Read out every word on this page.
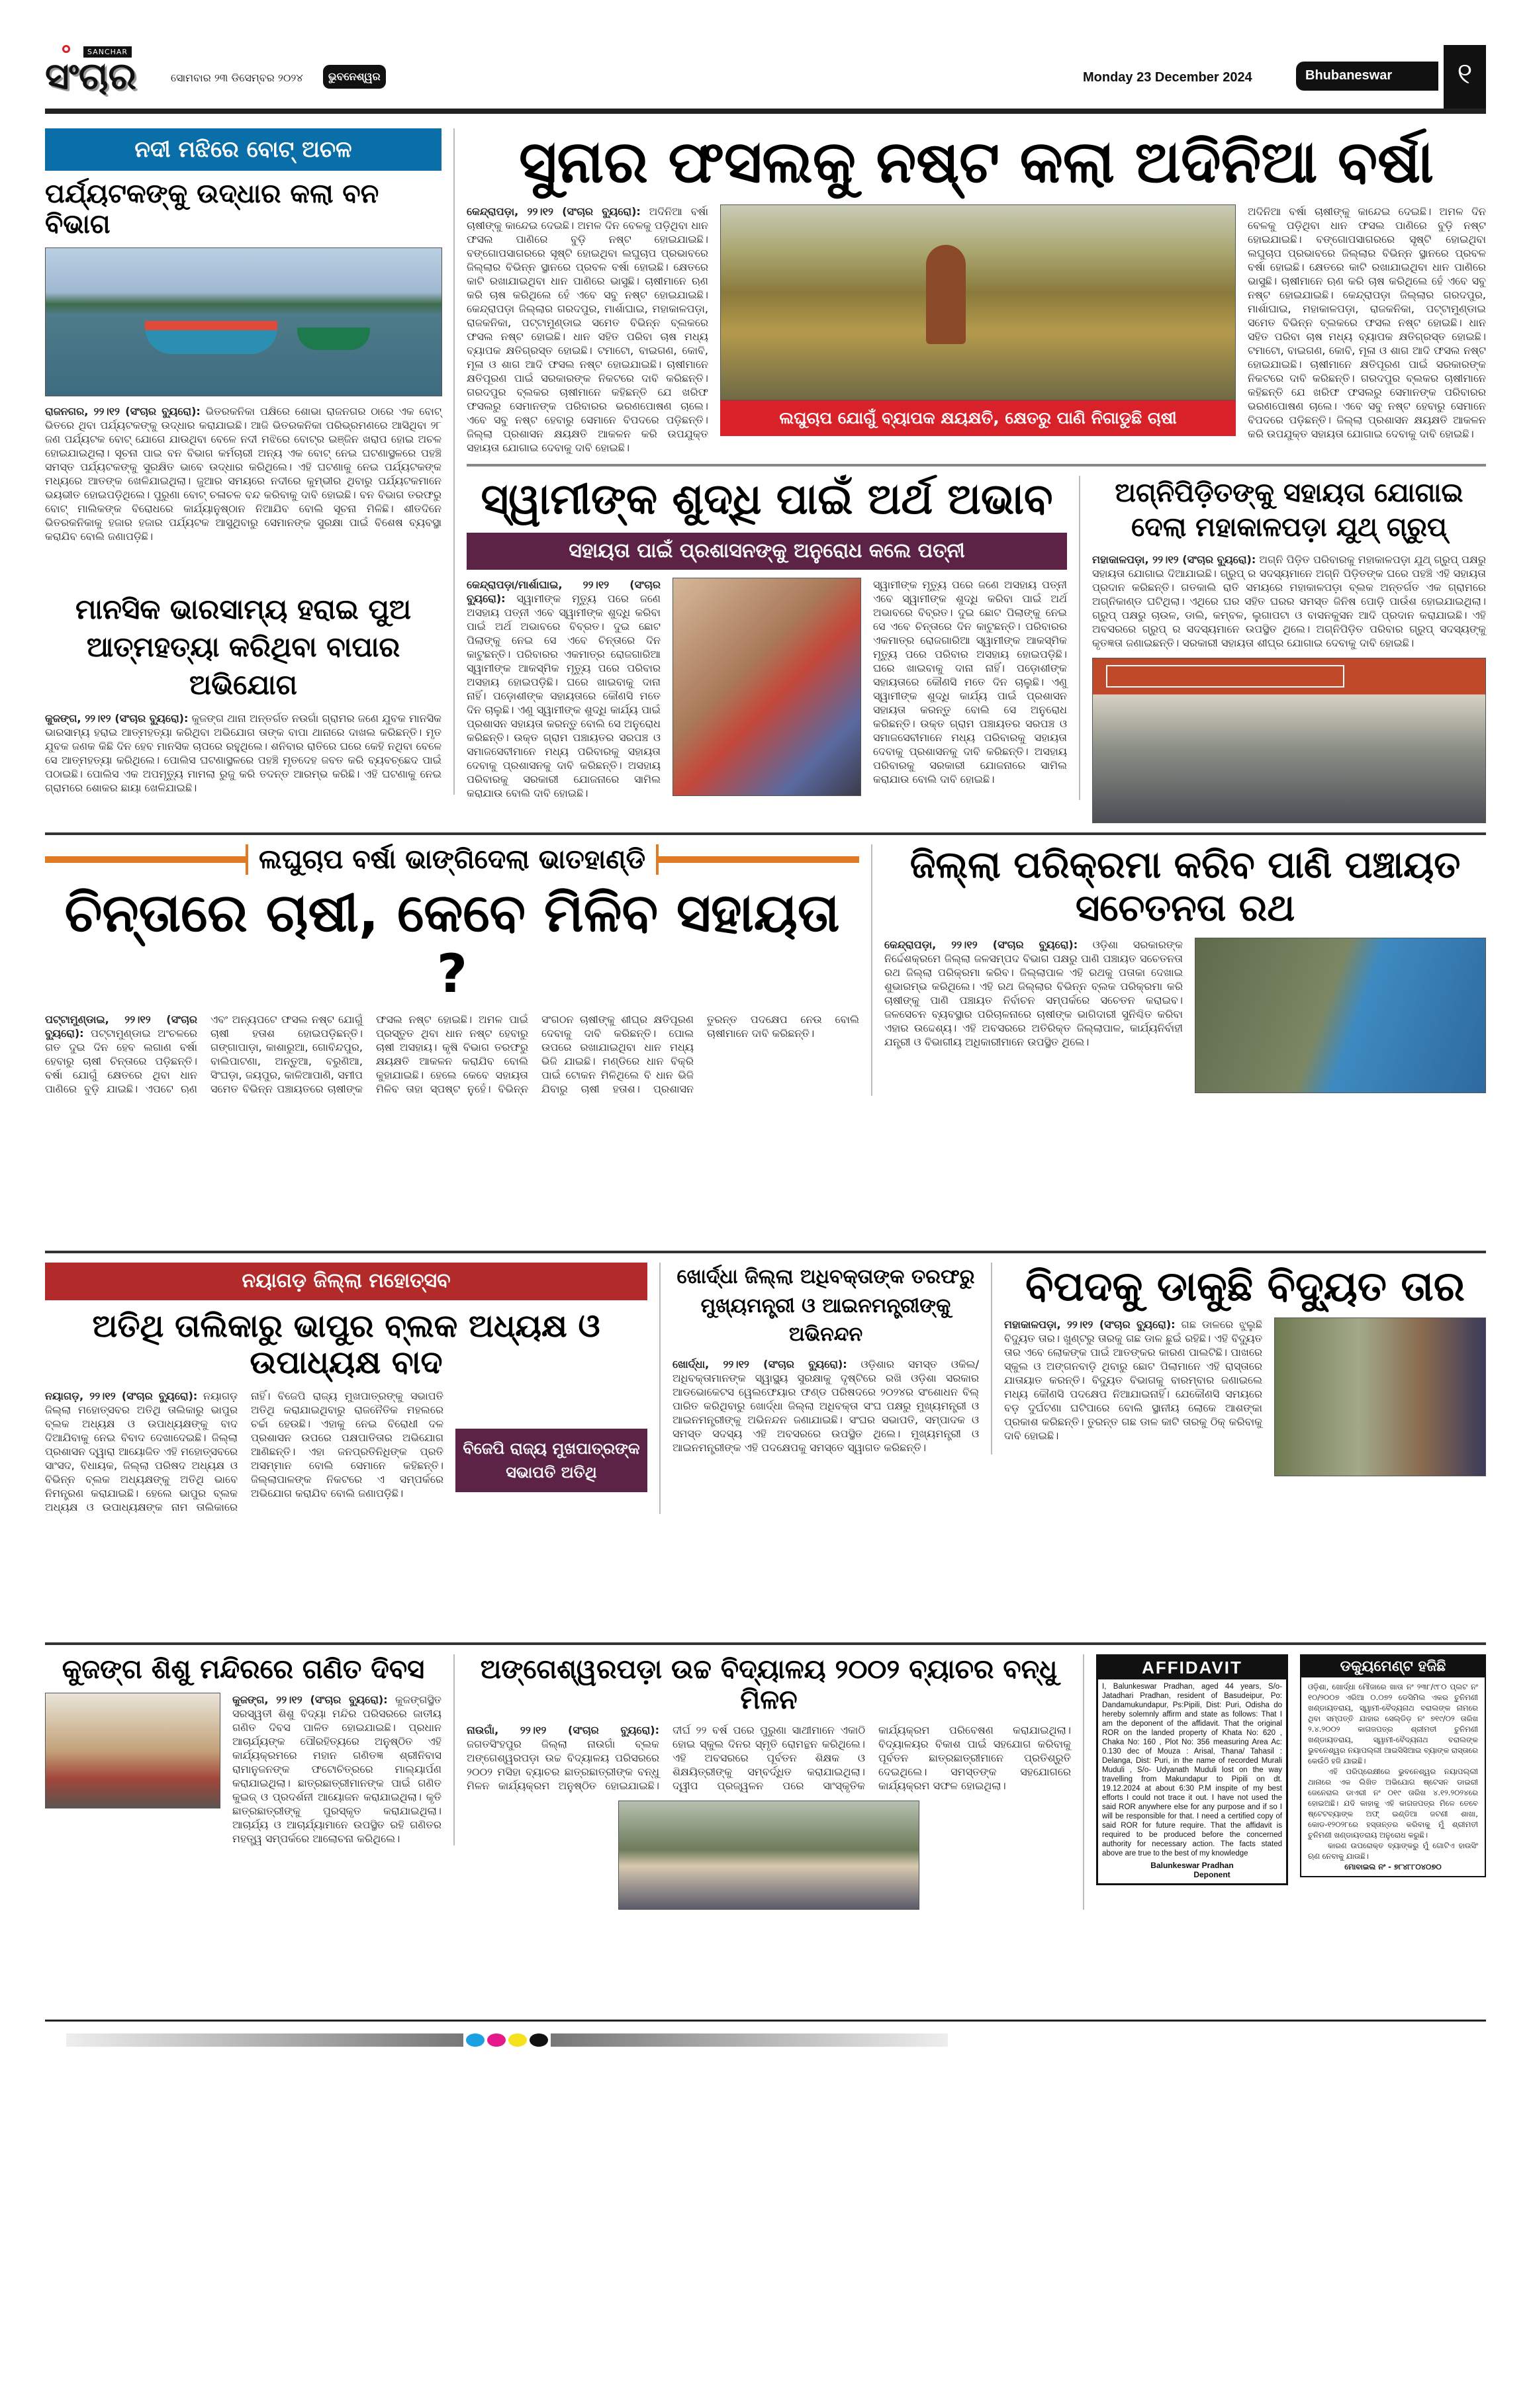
SANCHAR
ସଂଚାର	ସୋମବାର ୨୩ ଡିସେମ୍ବର ୨୦୨୪	ଭୁବନେଶ୍ୱର	Monday 23 December 2024	Bhubaneswar	୧
ନଦୀ ମଝିରେ ବୋଟ୍ ଅଚଳ
ପର୍ଯ୍ୟଟକଙ୍କୁ ଉଦ୍ଧାର କଲା ବନ ବିଭାଗ
ରାଜନଗର, ୨୨।୧୨ (ସଂଚାର ବ୍ୟୁରୋ): ଭିତରକନିକା ପକ୍ଷିରେ ଶୋଭା ରାଜନଗର ଠାରେ ଏକ ବୋଟ୍ ଭିତରେ ଥିବା ପର୍ଯ୍ୟଟକଙ୍କୁ ଉଦ୍ଧାର କରାଯାଇଛି। ଆଜି ଭିତରକନିକା ପରିଭ୍ରମଣରେ ଆସିଥିବା ୨୮ ଜଣ ପର୍ଯ୍ୟଟକ ବୋଟ୍ ଯୋଗେ ଯାଉଥିବା ବେଳେ ନଦୀ ମଝିରେ ବୋଟ୍ର ଇଞ୍ଜିନ ଖରାପ ହୋଇ ଅଚଳ ହୋଇଯାଇଥିଲା। ସୂଚନା ପାଇ ବନ ବିଭାଗ କର୍ମଚାରୀ ଅନ୍ୟ ଏକ ବୋଟ୍ ନେଇ ଘଟଣାସ୍ଥଳରେ ପହଞ୍ଚି ସମସ୍ତ ପର୍ଯ୍ୟଟକଙ୍କୁ ସୁରକ୍ଷିତ ଭାବେ ଉଦ୍ଧାର କରିଥିଲେ। ଏହି ଘଟଣାକୁ ନେଇ ପର୍ଯ୍ୟଟକଙ୍କ ମଧ୍ୟରେ ଆତଙ୍କ ଖେଳିଯାଇଥିଲା। ଜୁଆର ସମୟରେ ନଦୀରେ କୁମ୍ଭୀର ଥିବାରୁ ପର୍ଯ୍ୟଟକମାନେ ଭୟଭୀତ ହୋଇପଡ଼ିଥିଲେ। ପୁରୁଣା ବୋଟ୍ ଚଳାଚଳ ବନ୍ଦ କରିବାକୁ ଦାବି ହୋଇଛି। ବନ ବିଭାଗ ତରଫରୁ ବୋଟ୍ ମାଲିକଙ୍କ ବିରୋଧରେ କାର୍ଯ୍ୟାନୁଷ୍ଠାନ ନିଆଯିବ ବୋଲି ସୂଚନା ମିଳିଛି। ଶୀତଦିନେ ଭିତରକନିକାକୁ ହଜାର ହଜାର ପର୍ଯ୍ୟଟକ ଆସୁଥିବାରୁ ସେମାନଙ୍କ ସୁରକ୍ଷା ପାଇଁ ବିଶେଷ ବ୍ୟବସ୍ଥା କରାଯିବ ବୋଲି ଜଣାପଡ଼ିଛି।
ମାନସିକ ଭାରସାମ୍ୟ ହରାଇ ପୁଅ ଆତ୍ମହତ୍ୟା କରିଥିବା ବାପାର ଅଭିଯୋଗ
କୁଜଙ୍ଗ, ୨୨।୧୨ (ସଂଚାର ବ୍ୟୁରୋ): କୁଜଙ୍ଗ ଥାନା ଅନ୍ତର୍ଗତ ନଉଗାଁ ଗ୍ରାମର ଜଣେ ଯୁବକ ମାନସିକ ଭାରସାମ୍ୟ ହରାଇ ଆତ୍ମହତ୍ୟା କରିଥିବା ଅଭିଯୋଗ ତାଙ୍କ ବାପା ଥାନାରେ ଦାଖଲ କରିଛନ୍ତି। ମୃତ ଯୁବକ ଜଣକ କିଛି ଦିନ ହେବ ମାନସିକ ଚାପରେ ରହୁଥିଲେ। ଶନିବାର ରାତିରେ ଘରେ କେହି ନଥିବା ବେଳେ ସେ ଆତ୍ମହତ୍ୟା କରିଥିଲେ। ପୋଲିସ ଘଟଣାସ୍ଥଳରେ ପହଞ୍ଚି ମୃତଦେହ ଜବତ କରି ବ୍ୟବଚ୍ଛେଦ ପାଇଁ ପଠାଇଛି। ପୋଲିସ ଏକ ଅପମୃତ୍ୟୁ ମାମଲା ରୁଜୁ କରି ତଦନ୍ତ ଆରମ୍ଭ କରିଛି। ଏହି ଘଟଣାକୁ ନେଇ ଗ୍ରାମରେ ଶୋକର ଛାୟା ଖେଳିଯାଇଛି।
ସୁନାର ଫସଲକୁ ନଷ୍ଟ କଲା ଅଦିନିଆ ବର୍ଷା
କେନ୍ଦ୍ରାପଡ଼ା, ୨୨।୧୨ (ସଂଚାର ବ୍ୟୁରୋ): ଅଦିନିଆ ବର୍ଷା ଚାଷୀଙ୍କୁ କାନ୍ଦେଇ ଦେଇଛି। ଅମଳ ଦିନ ବେଳକୁ ପଡ଼ିଥିବା ଧାନ ଫସଲ ପାଣିରେ ବୁଡ଼ି ନଷ୍ଟ ହୋଇଯାଇଛି। ବଙ୍ଗୋପସାଗରରେ ସୃଷ୍ଟି ହୋଇଥିବା ଲଘୁଚାପ ପ୍ରଭାବରେ ଜିଲ୍ଲାର ବିଭିନ୍ନ ସ୍ଥାନରେ ପ୍ରବଳ ବର୍ଷା ହୋଇଛି। କ୍ଷେତରେ କାଟି ରଖାଯାଇଥିବା ଧାନ ପାଣିରେ ଭାସୁଛି। ଚାଷୀମାନେ ଋଣ କରି ଚାଷ କରିଥିଲେ ହେଁ ଏବେ ସବୁ ନଷ୍ଟ ହୋଇଯାଇଛି। କେନ୍ଦ୍ରାପଡ଼ା ଜିଲ୍ଲାର ଗରଦପୁର, ମାର୍ଶାଘାଇ, ମହାକାଳପଡ଼ା, ରାଜକନିକା, ପଟ୍ଟାମୁଣ୍ଡାଇ ସମେତ ବିଭିନ୍ନ ବ୍ଲକରେ ଫସଲ ନଷ୍ଟ ହୋଇଛି। ଧାନ ସହିତ ପରିବା ଚାଷ ମଧ୍ୟ ବ୍ୟାପକ କ୍ଷତିଗ୍ରସ୍ତ ହୋଇଛି। ଟମାଟୋ, ବାଇଗଣ, କୋବି, ମୂଳା ଓ ଶାଗ ଆଦି ଫସଲ ନଷ୍ଟ ହୋଇଯାଇଛି। ଚାଷୀମାନେ କ୍ଷତିପୂରଣ ପାଇଁ ସରକାରଙ୍କ ନିକଟରେ ଦାବି କରିଛନ୍ତି। ଗରଦପୁର ବ୍ଲକର ଚାଷୀମାନେ କହିଛନ୍ତି ଯେ ଖରିଫ ଫସଲରୁ ସେମାନଙ୍କ ପରିବାରର ଭରଣପୋଷଣ ଚାଲେ। ଏବେ ସବୁ ନଷ୍ଟ ହେବାରୁ ସେମାନେ ବିପଦରେ ପଡ଼ିଛନ୍ତି। ଜିଲ୍ଲା ପ୍ରଶାସନ କ୍ଷୟକ୍ଷତି ଆକଳନ କରି ଉପଯୁକ୍ତ ସହାୟତା ଯୋଗାଇ ଦେବାକୁ ଦାବି ହୋଇଛି।
ଲଘୁଚାପ ଯୋଗୁଁ ବ୍ୟାପକ କ୍ଷୟକ୍ଷତି, କ୍ଷେତରୁ ପାଣି ନିଗାଡୁଛି ଚାଷୀ
ଅଦିନିଆ ବର୍ଷା ଚାଷୀଙ୍କୁ କାନ୍ଦେଇ ଦେଇଛି। ଅମଳ ଦିନ ବେଳକୁ ପଡ଼ିଥିବା ଧାନ ଫସଲ ପାଣିରେ ବୁଡ଼ି ନଷ୍ଟ ହୋଇଯାଇଛି। ବଙ୍ଗୋପସାଗରରେ ସୃଷ୍ଟି ହୋଇଥିବା ଲଘୁଚାପ ପ୍ରଭାବରେ ଜିଲ୍ଲାର ବିଭିନ୍ନ ସ୍ଥାନରେ ପ୍ରବଳ ବର୍ଷା ହୋଇଛି। କ୍ଷେତରେ କାଟି ରଖାଯାଇଥିବା ଧାନ ପାଣିରେ ଭାସୁଛି। ଚାଷୀମାନେ ଋଣ କରି ଚାଷ କରିଥିଲେ ହେଁ ଏବେ ସବୁ ନଷ୍ଟ ହୋଇଯାଇଛି। କେନ୍ଦ୍ରାପଡ଼ା ଜିଲ୍ଲାର ଗରଦପୁର, ମାର୍ଶାଘାଇ, ମହାକାଳପଡ଼ା, ରାଜକନିକା, ପଟ୍ଟାମୁଣ୍ଡାଇ ସମେତ ବିଭିନ୍ନ ବ୍ଲକରେ ଫସଲ ନଷ୍ଟ ହୋଇଛି। ଧାନ ସହିତ ପରିବା ଚାଷ ମଧ୍ୟ ବ୍ୟାପକ କ୍ଷତିଗ୍ରସ୍ତ ହୋଇଛି। ଟମାଟୋ, ବାଇଗଣ, କୋବି, ମୂଳା ଓ ଶାଗ ଆଦି ଫସଲ ନଷ୍ଟ ହୋଇଯାଇଛି। ଚାଷୀମାନେ କ୍ଷତିପୂରଣ ପାଇଁ ସରକାରଙ୍କ ନିକଟରେ ଦାବି କରିଛନ୍ତି। ଗରଦପୁର ବ୍ଲକର ଚାଷୀମାନେ କହିଛନ୍ତି ଯେ ଖରିଫ ଫସଲରୁ ସେମାନଙ୍କ ପରିବାରର ଭରଣପୋଷଣ ଚାଲେ। ଏବେ ସବୁ ନଷ୍ଟ ହେବାରୁ ସେମାନେ ବିପଦରେ ପଡ଼ିଛନ୍ତି। ଜିଲ୍ଲା ପ୍ରଶାସନ କ୍ଷୟକ୍ଷତି ଆକଳନ କରି ଉପଯୁକ୍ତ ସହାୟତା ଯୋଗାଇ ଦେବାକୁ ଦାବି ହୋଇଛି।
ସ୍ୱାମୀଙ୍କ ଶୁଦ୍ଧି ପାଇଁ ଅର୍ଥ ଅଭାବ
ସହାୟତା ପାଇଁ ପ୍ରଶାସନଙ୍କୁ ଅନୁରୋଧ କଲେ ପତ୍ନୀ
କେନ୍ଦ୍ରାପଡ଼ା/ମାର୍ଶାଘାଇ, ୨୨।୧୨ (ସଂଚାର ବ୍ୟୁରୋ): ସ୍ୱାମୀଙ୍କ ମୃତ୍ୟୁ ପରେ ଜଣେ ଅସହାୟ ପତ୍ନୀ ଏବେ ସ୍ୱାମୀଙ୍କ ଶୁଦ୍ଧି କରିବା ପାଇଁ ଅର୍ଥ ଅଭାବରେ ବିବ୍ରତ। ଦୁଇ ଛୋଟ ପିଲାଙ୍କୁ ନେଇ ସେ ଏବେ ଚିନ୍ତାରେ ଦିନ କାଟୁଛନ୍ତି। ପରିବାରର ଏକମାତ୍ର ରୋଜଗାରିଆ ସ୍ୱାମୀଙ୍କ ଆକସ୍ମିକ ମୃତ୍ୟୁ ପରେ ପରିବାର ଅସହାୟ ହୋଇପଡ଼ିଛି। ଘରେ ଖାଇବାକୁ ଦାନା ନାହିଁ। ପଡ଼ୋଶୀଙ୍କ ସହାୟତାରେ କୌଣସି ମତେ ଦିନ ଚାଲୁଛି। ଏଣୁ ସ୍ୱାମୀଙ୍କ ଶୁଦ୍ଧି କାର୍ଯ୍ୟ ପାଇଁ ପ୍ରଶାସନ ସହାୟତା କରନ୍ତୁ ବୋଲି ସେ ଅନୁରୋଧ କରିଛନ୍ତି। ଉକ୍ତ ଗ୍ରାମ ପଞ୍ଚାୟତର ସରପଞ୍ଚ ଓ ସମାଜସେବୀମାନେ ମଧ୍ୟ ପରିବାରକୁ ସହାୟତା ଦେବାକୁ ପ୍ରଶାସନକୁ ଦାବି କରିଛନ୍ତି। ଅସହାୟ ପରିବାରକୁ ସରକାରୀ ଯୋଜନାରେ ସାମିଲ କରାଯାଉ ବୋଲି ଦାବି ହୋଇଛି।
ସ୍ୱାମୀଙ୍କ ମୃତ୍ୟୁ ପରେ ଜଣେ ଅସହାୟ ପତ୍ନୀ ଏବେ ସ୍ୱାମୀଙ୍କ ଶୁଦ୍ଧି କରିବା ପାଇଁ ଅର୍ଥ ଅଭାବରେ ବିବ୍ରତ। ଦୁଇ ଛୋଟ ପିଲାଙ୍କୁ ନେଇ ସେ ଏବେ ଚିନ୍ତାରେ ଦିନ କାଟୁଛନ୍ତି। ପରିବାରର ଏକମାତ୍ର ରୋଜଗାରିଆ ସ୍ୱାମୀଙ୍କ ଆକସ୍ମିକ ମୃତ୍ୟୁ ପରେ ପରିବାର ଅସହାୟ ହୋଇପଡ଼ିଛି। ଘରେ ଖାଇବାକୁ ଦାନା ନାହିଁ। ପଡ଼ୋଶୀଙ୍କ ସହାୟତାରେ କୌଣସି ମତେ ଦିନ ଚାଲୁଛି। ଏଣୁ ସ୍ୱାମୀଙ୍କ ଶୁଦ୍ଧି କାର୍ଯ୍ୟ ପାଇଁ ପ୍ରଶାସନ ସହାୟତା କରନ୍ତୁ ବୋଲି ସେ ଅନୁରୋଧ କରିଛନ୍ତି। ଉକ୍ତ ଗ୍ରାମ ପଞ୍ଚାୟତର ସରପଞ୍ଚ ଓ ସମାଜସେବୀମାନେ ମଧ୍ୟ ପରିବାରକୁ ସହାୟତା ଦେବାକୁ ପ୍ରଶାସନକୁ ଦାବି କରିଛନ୍ତି। ଅସହାୟ ପରିବାରକୁ ସରକାରୀ ଯୋଜନାରେ ସାମିଲ କରାଯାଉ ବୋଲି ଦାବି ହୋଇଛି।
ଅଗ୍ନିପିଡ଼ିତଙ୍କୁ ସହାୟତା ଯୋଗାଇ ଦେଲା ମହାକାଳପଡ଼ା ଯୁଥ୍ ଗ୍ରୁପ୍
ମହାକାଳପଡ଼ା, ୨୨।୧୨ (ସଂଚାର ବ୍ୟୁରୋ): ଅଗ୍ନି ପିଡ଼ିତ ପରିବାରକୁ ମହାକାଳପଡ଼ା ଯୁଥ୍ ଗ୍ରୁପ୍ ପକ୍ଷରୁ ସହାୟତା ଯୋଗାଇ ଦିଆଯାଇଛି। ଗ୍ରୁପ୍ ର ସଦସ୍ୟମାନେ ଅଗ୍ନି ପିଡ଼ିତଙ୍କ ଘରେ ପହଞ୍ଚି ଏହି ସହାୟତା ପ୍ରଦାନ କରିଛନ୍ତି। ଗତକାଲି ରାତି ସମୟରେ ମହାକାଳପଡ଼ା ବ୍ଲକ ଅନ୍ତର୍ଗତ ଏକ ଗ୍ରାମରେ ଅଗ୍ନିକାଣ୍ଡ ଘଟିଥିଲା। ଏଥିରେ ଘର ସହିତ ଘରର ସମସ୍ତ ଜିନିଷ ପୋଡ଼ି ପାଉଁଶ ହୋଇଯାଇଥିଲା। ଗ୍ରୁପ୍ ପକ୍ଷରୁ ଚାଉଳ, ଡାଲି, କମ୍ବଳ, ଲୁଗାପଟା ଓ ବାସନକୁସନ ଆଦି ପ୍ରଦାନ କରାଯାଇଛି। ଏହି ଅବସରରେ ଗ୍ରୁପ୍ ର ସଦସ୍ୟମାନେ ଉପସ୍ଥିତ ଥିଲେ। ଅଗ୍ନିପିଡ଼ିତ ପରିବାର ଗ୍ରୁପ୍ ସଦସ୍ୟଙ୍କୁ କୃତଜ୍ଞତା ଜଣାଇଛନ୍ତି। ସରକାରୀ ସହାୟତା ଶୀଘ୍ର ଯୋଗାଇ ଦେବାକୁ ଦାବି ହୋଇଛି।
ଲଘୁଚାପ ବର୍ଷା ଭାଙ୍ଗିଦେଲା ଭାତହାଣ୍ଡି
ଚିନ୍ତାରେ ଚାଷୀ, କେବେ ମିଳିବ ସହାୟତା ?
ପଟ୍ଟାମୁଣ୍ଡାଇ, ୨୨।୧୨ (ସଂଚାର ବ୍ୟୁରୋ): ପଟ୍ଟାମୁଣ୍ଡାଇ ଅଂଚଳରେ ଗତ ଦୁଇ ଦିନ ହେବ ଲଗାଣ ବର୍ଷା ହେବାରୁ ଚାଷୀ ଚିନ୍ତାରେ ପଡ଼ିଛନ୍ତି। ବର୍ଷା ଯୋଗୁଁ କ୍ଷେତରେ ଥିବା ଧାନ ପାଣିରେ ବୁଡ଼ି ଯାଇଛି। ଏପଟେ ଋଣ ଏବଂ ଅନ୍ୟପଟେ ଫସଲ ନଷ୍ଟ ଯୋଗୁଁ ଚାଷୀ ହତାଶ ହୋଇପଡ଼ିଛନ୍ତି। ଗଙ୍ଗାପାଡ଼ା, କାଶାରୁଆ, ଗୋବିନ୍ଦପୁର, ବାଲିପାଟଣା, ଅନ୍ତୁଆ, ବରୁଣିଆ, ସିଂଘଡ଼ା, ଜୟପୁର, କାଳିଆପାଣି, ସମୀପ ସମେତ ବିଭିନ୍ନ ପଞ୍ଚାୟତରେ ଚାଷୀଙ୍କ ଫସଲ ନଷ୍ଟ ହୋଇଛି। ଅମଳ ପାଇଁ ପ୍ରସ୍ତୁତ ଥିବା ଧାନ ନଷ୍ଟ ହେବାରୁ ଚାଷୀ ଅସହାୟ। କୃଷି ବିଭାଗ ତରଫରୁ କ୍ଷୟକ୍ଷତି ଆକଳନ କରାଯିବ ବୋଲି କୁହାଯାଇଛି। ହେଲେ କେବେ ସହାୟତା ମିଳିବ ତାହା ସ୍ପଷ୍ଟ ନୁହେଁ। ବିଭିନ୍ନ ସଂଗଠନ ଚାଷୀଙ୍କୁ ଶୀଘ୍ର କ୍ଷତିପୂରଣ ଦେବାକୁ ଦାବି କରିଛନ୍ତି। ପୋଲ ଉପରେ ରଖାଯାଇଥିବା ଧାନ ମଧ୍ୟ ଭିଜି ଯାଇଛି। ମଣ୍ଡିରେ ଧାନ ବିକ୍ରି ପାଇଁ ଟୋକନ ମିଳିଥିଲେ ବି ଧାନ ଭିଜି ଯିବାରୁ ଚାଷୀ ହତାଶ। ପ୍ରଶାସନ ତୁରନ୍ତ ପଦକ୍ଷେପ ନେଉ ବୋଲି ଚାଷୀମାନେ ଦାବି କରିଛନ୍ତି।
ଜିଲ୍ଲା ପରିକ୍ରମା କରିବ ପାଣି ପଞ୍ଚାୟତ ସଚେତନତା ରଥ
କେନ୍ଦ୍ରାପଡ଼ା, ୨୨।୧୨ (ସଂଚାର ବ୍ୟୁରୋ): ଓଡ଼ିଶା ସରକାରଙ୍କ ନିର୍ଦ୍ଦେଶକ୍ରମେ ଜିଲ୍ଲା ଜଳସମ୍ପଦ ବିଭାଗ ପକ୍ଷରୁ ପାଣି ପଞ୍ଚାୟତ ସଚେତନତା ରଥ ଜିଲ୍ଲା ପରିକ୍ରମା କରିବ। ଜିଲ୍ଲାପାଳ ଏହି ରଥକୁ ପତାକା ଦେଖାଇ ଶୁଭାରମ୍ଭ କରିଥିଲେ। ଏହି ରଥ ଜିଲ୍ଲାର ବିଭିନ୍ନ ବ୍ଲକ ପରିକ୍ରମା କରି ଚାଷୀଙ୍କୁ ପାଣି ପଞ୍ଚାୟତ ନିର୍ବାଚନ ସମ୍ପର୍କରେ ସଚେତନ କରାଇବ। ଜଳସେଚନ ବ୍ୟବସ୍ଥାର ପରିଚାଳନାରେ ଚାଷୀଙ୍କ ଭାଗିଦାରୀ ସୁନିଶ୍ଚିତ କରିବା ଏହାର ଉଦ୍ଦେଶ୍ୟ। ଏହି ଅବସରରେ ଅତିରିକ୍ତ ଜିଲ୍ଲାପାଳ, କାର୍ଯ୍ୟନିର୍ବାହୀ ଯନ୍ତ୍ରୀ ଓ ବିଭାଗୀୟ ଅଧିକାରୀମାନେ ଉପସ୍ଥିତ ଥିଲେ।
ନୟାଗଡ଼ ଜିଲ୍ଲା ମହୋତ୍ସବ
ଅତିଥି ତାଲିକାରୁ ଭାପୁର ବ୍ଲକ ଅଧ୍ୟକ୍ଷ ଓ ଉପାଧ୍ୟକ୍ଷ ବାଦ
ନୟାଗଡ଼, ୨୨।୧୨ (ସଂଚାର ବ୍ୟୁରୋ): ନୟାଗଡ଼ ଜିଲ୍ଲା ମହୋତ୍ସବର ଅତିଥି ତାଲିକାରୁ ଭାପୁର ବ୍ଲକ ଅଧ୍ୟକ୍ଷ ଓ ଉପାଧ୍ୟକ୍ଷଙ୍କୁ ବାଦ ଦିଆଯିବାକୁ ନେଇ ବିବାଦ ଦେଖାଦେଇଛି। ଜିଲ୍ଲା ପ୍ରଶାସନ ଦ୍ୱାରା ଆୟୋଜିତ ଏହି ମହୋତ୍ସବରେ ସାଂସଦ, ବିଧାୟକ, ଜିଲ୍ଲା ପରିଷଦ ଅଧ୍ୟକ୍ଷ ଓ ବିଭିନ୍ନ ବ୍ଲକ ଅଧ୍ୟକ୍ଷଙ୍କୁ ଅତିଥି ଭାବେ ନିମନ୍ତ୍ରଣ କରାଯାଇଛି। ହେଲେ ଭାପୁର ବ୍ଲକ ଅଧ୍ୟକ୍ଷ ଓ ଉପାଧ୍ୟକ୍ଷଙ୍କ ନାମ ତାଲିକାରେ ନାହିଁ। ବିଜେପି ରାଜ୍ୟ ମୁଖପାତ୍ରଙ୍କୁ ସଭାପତି ଅତିଥି କରାଯାଇଥିବାରୁ ରାଜନୈତିକ ମହଲରେ ଚର୍ଚ୍ଚା ହେଉଛି। ଏହାକୁ ନେଇ ବିରୋଧୀ ଦଳ ପ୍ରଶାସନ ଉପରେ ପକ୍ଷପାତିତାର ଅଭିଯୋଗ ଆଣିଛନ୍ତି। ଏହା ଜନପ୍ରତିନିଧିଙ୍କ ପ୍ରତି ଅସମ୍ମାନ ବୋଲି ସେମାନେ କହିଛନ୍ତି। ଜିଲ୍ଲାପାଳଙ୍କ ନିକଟରେ ଏ ସମ୍ପର୍କରେ ଅଭିଯୋଗ କରାଯିବ ବୋଲି ଜଣାପଡ଼ିଛି।
ବିଜେପି ରାଜ୍ୟ ମୁଖପାତ୍ରଙ୍କ ସଭାପତି ଅତିଥି
ଖୋର୍ଦ୍ଧା ଜିଲ୍ଲା ଅଧିବକ୍ତାଙ୍କ ତରଫରୁ ମୁଖ୍ୟମନ୍ତ୍ରୀ ଓ ଆଇନମନ୍ତ୍ରୀଙ୍କୁ ଅଭିନନ୍ଦନ
ଖୋର୍ଦ୍ଧା, ୨୨।୧୨ (ସଂଚାର ବ୍ୟୁରୋ): ଓଡ଼ିଶାର ସମସ୍ତ ଓକିଲ/ଅଧିବକ୍ତାମାନଙ୍କ ସ୍ୱାସ୍ଥ୍ୟ ସୁରକ୍ଷାକୁ ଦୃଷ୍ଟିରେ ରଖି ଓଡ଼ିଶା ସରକାର ଆଡଭୋକେଟସ ୱେଲଫେୟାର ଫଣ୍ଡ ପରିଷଦରେ ୨୦୨୪ର ସଂଶୋଧନ ବିଲ୍ ପାରିତ କରିଥିବାରୁ ଖୋର୍ଦ୍ଧା ଜିଲ୍ଲା ଅଧିବକ୍ତା ସଂଘ ପକ୍ଷରୁ ମୁଖ୍ୟମନ୍ତ୍ରୀ ଓ ଆଇନମନ୍ତ୍ରୀଙ୍କୁ ଅଭିନନ୍ଦନ ଜଣାଯାଇଛି। ସଂଘର ସଭାପତି, ସମ୍ପାଦକ ଓ ସମସ୍ତ ସଦସ୍ୟ ଏହି ଅବସରରେ ଉପସ୍ଥିତ ଥିଲେ। ମୁଖ୍ୟମନ୍ତ୍ରୀ ଓ ଆଇନମନ୍ତ୍ରୀଙ୍କ ଏହି ପଦକ୍ଷେପକୁ ସମସ୍ତେ ସ୍ୱାଗତ କରିଛନ୍ତି।
ବିପଦକୁ ଡାକୁଛି ବିଦ୍ୟୁତ ତାର
ମହାକାଳପଡ଼ା, ୨୨।୧୨ (ସଂଚାର ବ୍ୟୁରୋ): ଗଛ ଡାଳରେ ଝୁଲୁଛି ବିଦ୍ୟୁତ ତାର। ଖୁଣ୍ଟରୁ ତାରକୁ ଗଛ ଡାଳ ଛୁଇଁ ରହିଛି। ଏହି ବିଦ୍ୟୁତ ତାର ଏବେ ଲୋକଙ୍କ ପାଇଁ ଆତଙ୍କର କାରଣ ପାଲଟିଛି। ପାଖରେ ସ୍କୁଲ ଓ ଅଙ୍ଗନବାଡ଼ି ଥିବାରୁ ଛୋଟ ପିଲାମାନେ ଏହି ରାସ୍ତାରେ ଯାତାୟାତ କରନ୍ତି। ବିଦ୍ୟୁତ ବିଭାଗକୁ ବାରମ୍ବାର ଜଣାଇଲେ ମଧ୍ୟ କୌଣସି ପଦକ୍ଷେପ ନିଆଯାଇନାହିଁ। ଯେକୌଣସି ସମୟରେ ବଡ଼ ଦୁର୍ଘଟଣା ଘଟିପାରେ ବୋଲି ସ୍ଥାନୀୟ ଲୋକେ ଆଶଙ୍କା ପ୍ରକାଶ କରିଛନ୍ତି। ତୁରନ୍ତ ଗଛ ଡାଳ କାଟି ତାରକୁ ଠିକ୍ କରିବାକୁ ଦାବି ହୋଇଛି।
କୁଜଙ୍ଗ ଶିଶୁ ମନ୍ଦିରରେ ଗଣିତ ଦିବସ
କୁଜଙ୍ଗ, ୨୨।୧୨ (ସଂଚାର ବ୍ୟୁରୋ): କୁଜଙ୍ଗସ୍ଥିତ ସରସ୍ୱତୀ ଶିଶୁ ବିଦ୍ୟା ମନ୍ଦିର ପରିସରରେ ଜାତୀୟ ଗଣିତ ଦିବସ ପାଳିତ ହୋଇଯାଇଛି। ପ୍ରଧାନ ଆଚାର୍ଯ୍ୟଙ୍କ ପୌରହିତ୍ୟରେ ଅନୁଷ୍ଠିତ ଏହି କାର୍ଯ୍ୟକ୍ରମରେ ମହାନ ଗଣିତଜ୍ଞ ଶ୍ରୀନିବାସ ରାମାନୁଜନଙ୍କ ଫଟୋଚିତ୍ରରେ ମାଲ୍ୟାର୍ପଣ କରାଯାଇଥିଲା। ଛାତ୍ରଛାତ୍ରୀମାନଙ୍କ ପାଇଁ ଗଣିତ କୁଇଜ୍ ଓ ପ୍ରଦର୍ଶନୀ ଆୟୋଜନ କରାଯାଇଥିଲା। କୃତି ଛାତ୍ରଛାତ୍ରୀଙ୍କୁ ପୁରସ୍କୃତ କରାଯାଇଥିଲା। ଆଚାର୍ଯ୍ୟ ଓ ଆଚାର୍ଯ୍ୟାମାନେ ଉପସ୍ଥିତ ରହି ଗଣିତର ମହତ୍ତ୍ୱ ସମ୍ପର୍କରେ ଆଲୋଚନା କରିଥିଲେ।
ଅଙ୍ଗେଶ୍ୱରପଡ଼ା ଉଚ୍ଚ ବିଦ୍ୟାଳୟ ୨୦୦୨ ବ୍ୟାଚର ବନ୍ଧୁ ମିଳନ
ନାଉଗାଁ, ୨୨।୧୨ (ସଂଚାର ବ୍ୟୁରୋ): ଜଗତସିଂହପୁର ଜିଲ୍ଲା ନାଉଗାଁ ବ୍ଲକ ଅଙ୍ଗେଶ୍ୱରପଡ଼ା ଉଚ୍ଚ ବିଦ୍ୟାଳୟ ପରିସରରେ ୨୦୦୨ ମସିହା ବ୍ୟାଚର ଛାତ୍ରଛାତ୍ରୀଙ୍କ ବନ୍ଧୁ ମିଳନ କାର୍ଯ୍ୟକ୍ରମ ଅନୁଷ୍ଠିତ ହୋଇଯାଇଛି। ଦୀର୍ଘ ୨୨ ବର୍ଷ ପରେ ପୁରୁଣା ସାଥୀମାନେ ଏକାଠି ହୋଇ ସ୍କୁଲ ଦିନର ସ୍ମୃତି ରୋମନ୍ଥନ କରିଥିଲେ। ଏହି ଅବସରରେ ପୂର୍ବତନ ଶିକ୍ଷକ ଓ ଶିକ୍ଷୟିତ୍ରୀଙ୍କୁ ସମ୍ବର୍ଦ୍ଧିତ କରାଯାଇଥିଲା। ଦ୍ୱୀପ ପ୍ରଜ୍ୱଳନ ପରେ ସାଂସ୍କୃତିକ କାର୍ଯ୍ୟକ୍ରମ ପରିବେଷଣ କରାଯାଇଥିଲା। ବିଦ୍ୟାଳୟର ବିକାଶ ପାଇଁ ସହଯୋଗ କରିବାକୁ ପୂର୍ବତନ ଛାତ୍ରଛାତ୍ରୀମାନେ ପ୍ରତିଶ୍ରୁତି ଦେଇଥିଲେ। ସମସ୍ତଙ୍କ ସହଯୋଗରେ କାର୍ଯ୍ୟକ୍ରମ ସଫଳ ହୋଇଥିଲା।
AFFIDAVIT
I, Balunkeswar Pradhan, aged 44 years, S/o- Jatadhari Pradhan, resident of Basudeipur, Po: Dandamukundapur, Ps:Pipili, Dist: Puri, Odisha do hereby solemnly affirm and state as follows: That I am the deponent of the affidavit. That the original ROR on the landed property of Khata No: 620 , Chaka No: 160 , Plot No: 356 measuring Area Ac: 0.130 dec of Mouza : Arisal, Thana/ Tahasil : Delanga, Dist: Puri, in the name of recorded Murali Muduli , S/o- Udyanath Muduli lost on the way travelling from Makundapur to Pipili on dt. 19.12.2024 at about 6:30 P.M inspite of my best efforts I could not trace it out. I have not used the said ROR anywhere else for any purpose and if so I will be responsible for that. I need a certified copy of said ROR for future require. That the affidavit is required to be produced before the concerned authority for necessary action. The facts stated above are true to the best of my knowledge
Balunkeswar Pradhan
Deponent
ଡକ୍ୟୁମେଣ୍ଟ ହଜିଛି

ଓଡ଼ିଶା, ଖୋର୍ଦ୍ଧା ମୌଜାରେ ଖାତା ନଂ ୨୩୮/୯୮୦ ପ୍ଲଟ ନଂ ୧୦/୨୦୦୭ ଏରିଆ ୦.୦୭୨ ଡେସିମିଲ ଏକର ଚୁନିମଣୀ ଖଣ୍ଡାୟତରାୟ, ସ୍ୱାମୀ-ବୈଦ୍ୟନାଥ ବରାଲଙ୍କ ନାମରେ ଥିବା ସମ୍ପତ୍ତି ଯାହାର ସେଲ୍ଡିଡ଼ ନଂ ୭୧୯/୦୨ ତାରିଖ ୨.୪.୨୦୦୨ କାଗଜପତ୍ର ଶ୍ରୀମତୀ ଚୁନିମଣୀ ଖଣ୍ଡାୟତରାୟ, ସ୍ୱାମୀ-ବୈଦ୍ୟନାଥ ବରାଲଙ୍କ ଭୁବନେଶ୍ୱର ନୟାପଲ୍ଲୀ ଆଇସିସିଆଇ ବ୍ୟାଙ୍କ ରାସ୍ତାରେ କେଉଁଠି ହଜି ଯାଇଛି।

ଏହି ପରିପ୍ରେକ୍ଷୀରେ ଭୁବନେଶ୍ୱର ନୟାପଲ୍ଲୀ ଥାନାରେ ଏକ ଲିଖିତ ଅଭିଯୋଗ ଷ୍ଟେସନ ଡାଇରୀ ଜେନେରାଲ ଡାଏରୀ ନଂ ୦୧୯ ତାରିଖ ୪.୧୨.୨୦୨୪ରେ ହୋଇଅଛି। ଯଦି କାହାକୁ ଏହି କାଗଜପତ୍ର ମିଳେ ତେବେ ଷ୍ଟେଟବ୍ୟାଙ୍କ ଅଫ୍ ଇଣ୍ଡିଆ ଜଟଣୀ ଶାଖା, କୋଡ-୧୨୦୨୮ରେ ହସ୍ତାନ୍ତର କରିବାକୁ ମୁଁ ଶ୍ରୀମତୀ ଚୁନିମଣୀ ଖଣ୍ଡାୟତରାୟ ଅନୁରୋଧ କରୁଛି।

କାରଣ ଉପରୋକ୍ତ ବ୍ୟାଙ୍କରୁ ମୁଁ ଗୋଟିଏ ହାଉସିଂ ଋଣ ନେବାକୁ ଯାଉଛି।

ମୋବାଇଲ ନଂ - ୭୮୪୮୮୦୪୦୭୦
